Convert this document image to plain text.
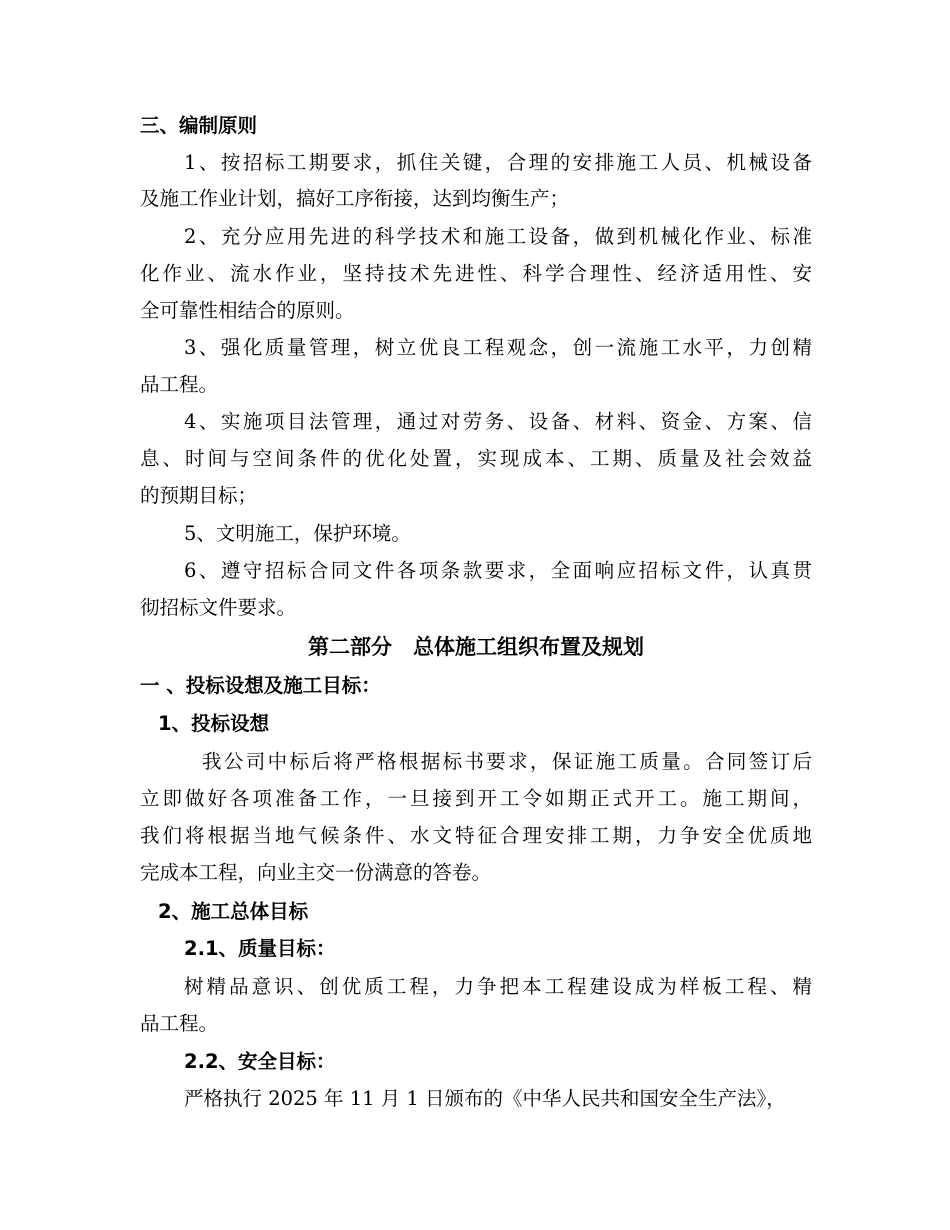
三、编制原则
1、按招标工期要求，抓住关键，合理的安排施工人员、机械设备
及施工作业计划，搞好工序衔接，达到均衡生产；
2、充分应用先进的科学技术和施工设备，做到机械化作业、标准
化作业、流水作业，坚持技术先进性、科学合理性、经济适用性、安
全可靠性相结合的原则。
3、强化质量管理，树立优良工程观念，创一流施工水平，力创精
品工程。
4、实施项目法管理，通过对劳务、设备、材料、资金、方案、信
息、时间与空间条件的优化处置，实现成本、工期、质量及社会效益
的预期目标；
5、文明施工，保护环境。
6、遵守招标合同文件各项条款要求，全面响应招标文件，认真贯
彻招标文件要求。
第二部分　总体施工组织布置及规划
一 、投标设想及施工目标：
1、投标设想
我公司中标后将严格根据标书要求，保证施工质量。合同签订后
立即做好各项准备工作，一旦接到开工令如期正式开工。施工期间，
我们将根据当地气候条件、水文特征合理安排工期，力争安全优质地
完成本工程，向业主交一份满意的答卷。
2、施工总体目标
2.1、质量目标：
树精品意识、创优质工程，力争把本工程建设成为样板工程、精
品工程。
2.2、安全目标：
严格执行 2025 年 11 月 1 日颁布的《中华人民共和国安全生产法》，
